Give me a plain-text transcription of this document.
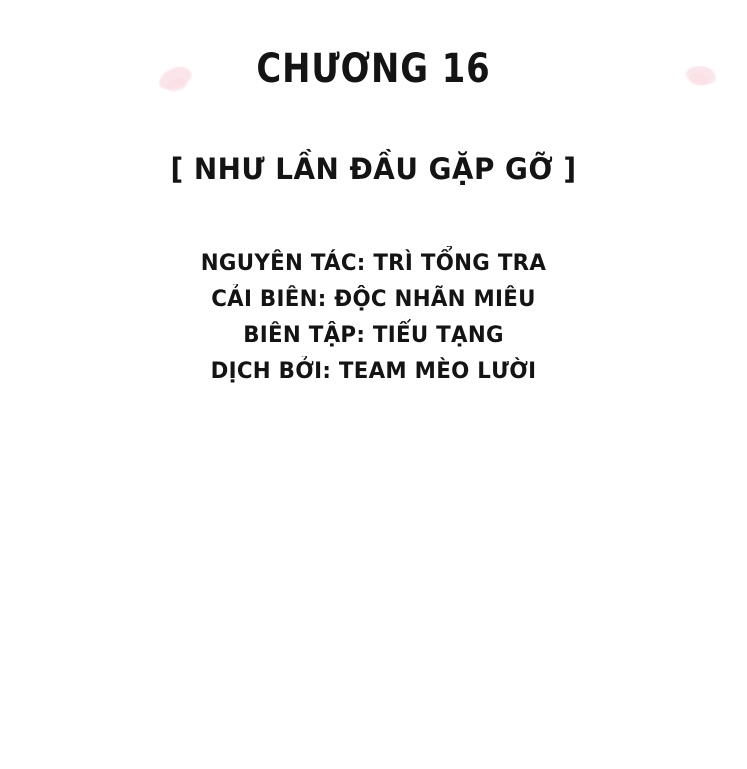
CHƯƠNG 16
[ NHƯ LẦN ĐẦU GẶP GỠ ]
NGUYÊN TÁC: TRÌ TỔNG TRA
CẢI BIÊN: ĐỘC NHÃN MIÊU
BIÊN TẬP: TIỂU TẠNG
DỊCH BỞI: TEAM MÈO LƯỜI
